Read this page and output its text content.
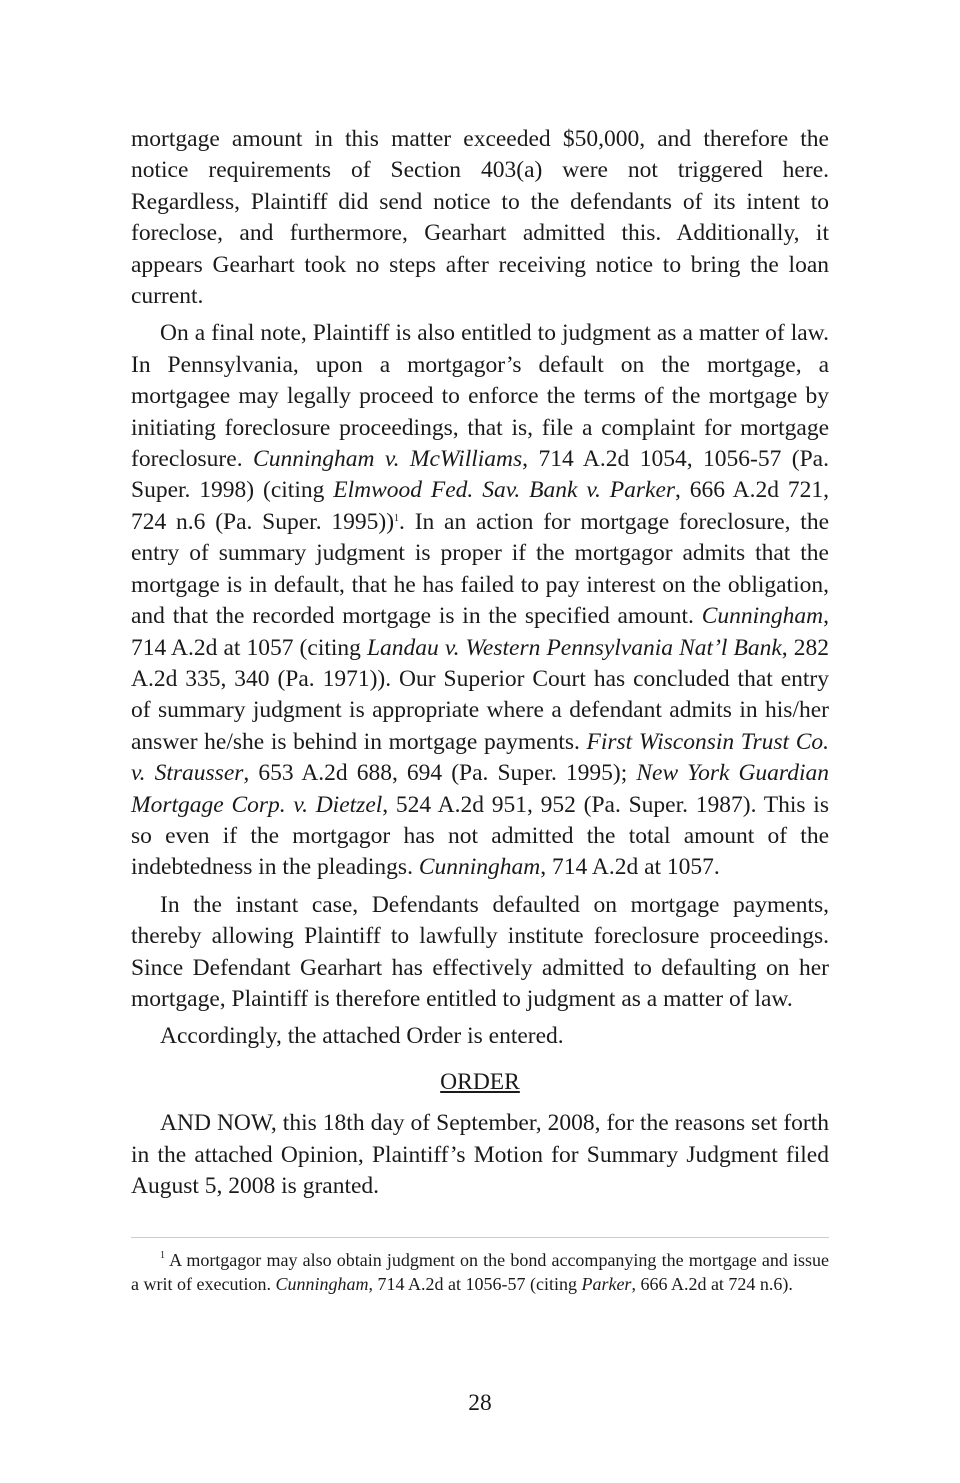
mortgage amount in this matter exceeded $50,000, and therefore the notice requirements of Section 403(a) were not triggered here. Regardless, Plaintiff did send notice to the defendants of its intent to foreclose, and furthermore, Gearhart admitted this. Additionally, it appears Gearhart took no steps after receiving notice to bring the loan current.

On a final note, Plaintiff is also entitled to judgment as a matter of law. In Pennsylvania, upon a mortgagor’s default on the mortgage, a mortgagee may legally proceed to enforce the terms of the mortgage by initiating foreclosure proceedings, that is, file a complaint for mortgage foreclosure. Cunningham v. McWilliams, 714 A.2d 1054, 1056-57 (Pa. Super. 1998) (citing Elmwood Fed. Sav. Bank v. Parker, 666 A.2d 721, 724 n.6 (Pa. Super. 1995))$^1$. In an action for mortgage foreclosure, the entry of summary judgment is proper if the mortgagor admits that the mortgage is in default, that he has failed to pay interest on the obligation, and that the recorded mortgage is in the specified amount. Cunningham, 714 A.2d at 1057 (citing Landau v. Western Pennsylvania Nat’l Bank, 282 A.2d 335, 340 (Pa. 1971)). Our Superior Court has concluded that entry of summary judgment is appropriate where a defendant admits in his/her answer he/she is behind in mortgage payments. First Wisconsin Trust Co. v. Strausser, 653 A.2d 688, 694 (Pa. Super. 1995); New York Guardian Mortgage Corp. v. Dietzel, 524 A.2d 951, 952 (Pa. Super. 1987). This is so even if the mortgagor has not admitted the total amount of the indebtedness in the pleadings. Cunningham, 714 A.2d at 1057.

In the instant case, Defendants defaulted on mortgage payments, thereby allowing Plaintiff to lawfully institute foreclosure proceedings. Since Defendant Gearhart has effectively admitted to defaulting on her mortgage, Plaintiff is therefore entitled to judgment as a matter of law.

Accordingly, the attached Order is entered.

ORDER

AND NOW, this 18th day of September, 2008, for the reasons set forth in the attached Opinion, Plaintiff’s Motion for Summary Judgment filed August 5, 2008 is granted.

$^1$ A mortgagor may also obtain judgment on the bond accompanying the mortgage and issue a writ of execution. Cunningham, 714 A.2d at 1056-57 (citing Parker, 666 A.2d at 724 n.6).
28
